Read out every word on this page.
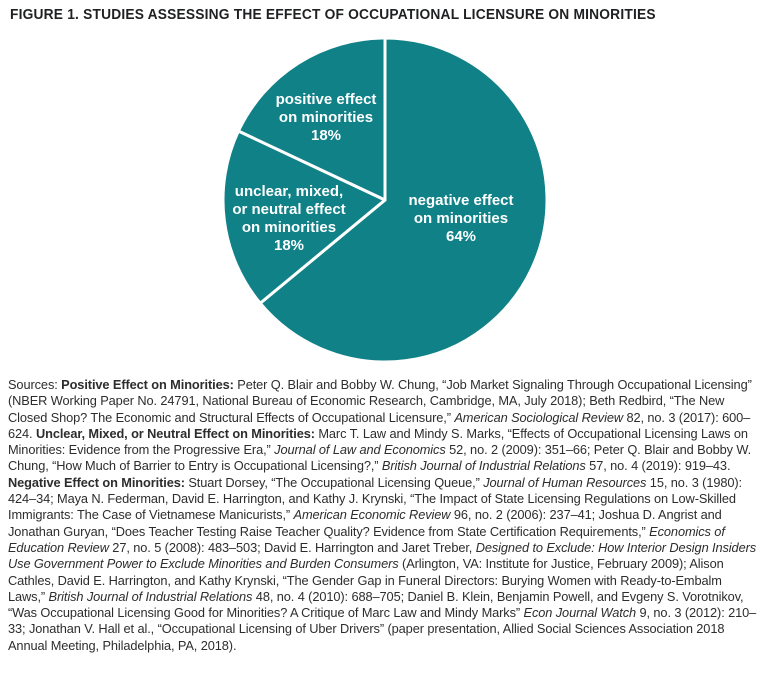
FIGURE 1. STUDIES ASSESSING THE EFFECT OF OCCUPATIONAL LICENSURE ON MINORITIES
negative effect
on minorities
64%
unclear, mixed,
or neutral effect
on minorities
18%
positive effect
on minorities
18%
Sources: Positive Effect on Minorities: Peter Q. Blair and Bobby W. Chung, “Job Market Signaling Through Occupational Licensing” (NBER Working Paper No. 24791, National Bureau of Economic Research, Cambridge, MA, July 2018); Beth Redbird, “The New Closed Shop? The Economic and Structural Effects of Occupational Licensure,” American Sociological Review 82, no. 3 (2017): 600–624. Unclear, Mixed, or Neutral Effect on Minorities: Marc T. Law and Mindy S. Marks, “Effects of Occupational Licensing Laws on Minorities: Evidence from the Progressive Era,” Journal of Law and Economics 52, no. 2 (2009): 351–66; Peter Q. Blair and Bobby W. Chung, “How Much of Barrier to Entry is Occupational Licensing?,” British Journal of Industrial Relations 57, no. 4 (2019): 919–43. Negative Effect on Minorities: Stuart Dorsey, “The Occupational Licensing Queue,” Journal of Human Resources 15, no. 3 (1980): 424–34; Maya N. Federman, David E. Harrington, and Kathy J. Krynski, “The Impact of State Licensing Regulations on Low-Skilled Immigrants: The Case of Vietnamese Manicurists,” American Economic Review 96, no. 2 (2006): 237–41; Joshua D. Angrist and Jonathan Guryan, “Does Teacher Testing Raise Teacher Quality? Evidence from State Certification Requirements,” Economics of Education Review 27, no. 5 (2008): 483–503; David E. Harrington and Jaret Treber, Designed to Exclude: How Interior Design Insiders Use Government Power to Exclude Minorities and Burden Consumers (Arlington, VA: Institute for Justice, February 2009); Alison Cathles, David E. Harrington, and Kathy Krynski, “The Gender Gap in Funeral Directors: Burying Women with Ready-to-Embalm Laws,” British Journal of Industrial Relations 48, no. 4 (2010): 688–705; Daniel B. Klein, Benjamin Powell, and Evgeny S. Vorotnikov, “Was Occupational Licensing Good for Minorities? A Critique of Marc Law and Mindy Marks” Econ Journal Watch 9, no. 3 (2012): 210–33; Jonathan V. Hall et al., “Occupational Licensing of Uber Drivers” (paper presentation, Allied Social Sciences Association 2018 Annual Meeting, Philadelphia, PA, 2018).
